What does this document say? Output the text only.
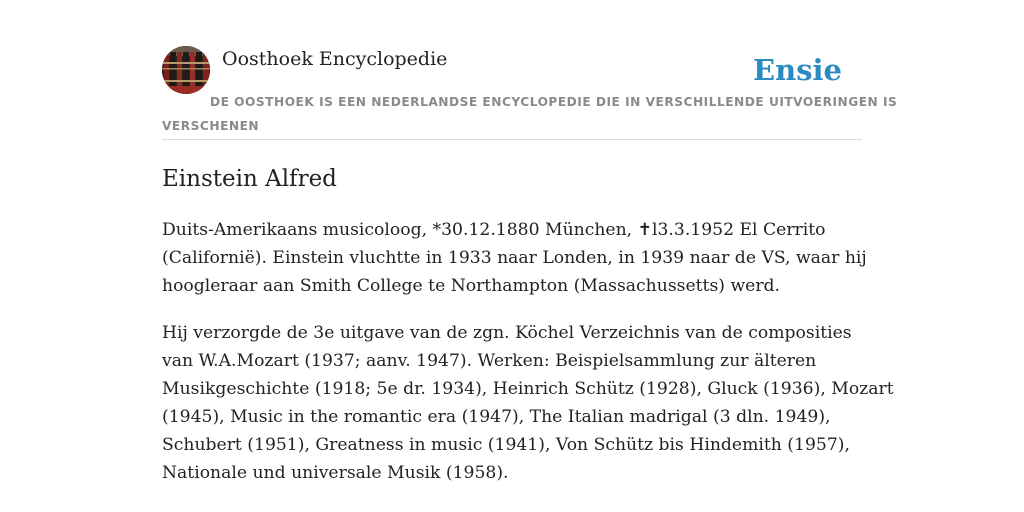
Oosthoek Encyclopedie	Ensie
DE OOSTHOEK IS EEN NEDERLANDSE ENCYCLOPEDIE DIE IN VERSCHILLENDE UITVOERINGEN IS
VERSCHENEN
Einstein Alfred

Duits-Amerikaans musicoloog, *30.12.1880 München, ✝l3.3.1952 El Cerrito
(Californië). Einstein vluchtte in 1933 naar Londen, in 1939 naar de VS, waar hij
hoogleraar aan Smith College te Northampton (Massachussetts) werd.

Hij verzorgde de 3e uitgave van de zgn. Köchel Verzeichnis van de composities
van W.A.Mozart (1937; aanv. 1947). Werken: Beispielsammlung zur älteren
Musikgeschichte (1918; 5e dr. 1934), Heinrich Schütz (1928), Gluck (1936), Mozart
(1945), Music in the romantic era (1947), The Italian madrigal (3 dln. 1949),
Schubert (1951), Greatness in music (1941), Von Schütz bis Hindemith (1957),
Nationale und universale Musik (1958).
